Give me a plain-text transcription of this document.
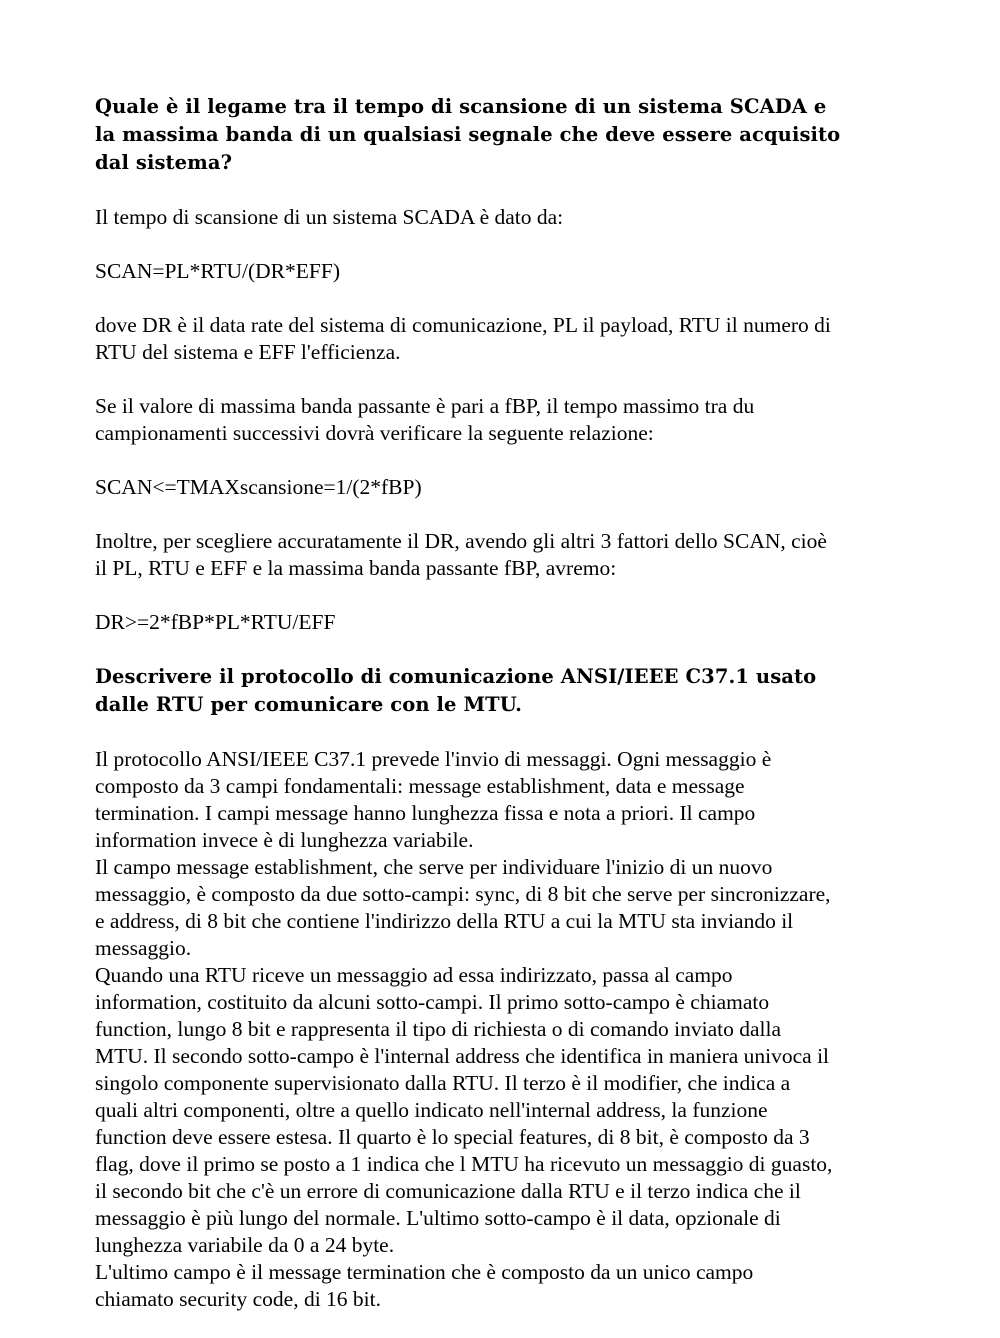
Quale è il legame tra il tempo di scansione di un sistema SCADA e
la massima banda di un qualsiasi segnale che deve essere acquisito
dal sistema?

Il tempo di scansione di un sistema SCADA è dato da:

SCAN=PL*RTU/(DR*EFF)

dove DR è il data rate del sistema di comunicazione, PL il payload, RTU il numero di
RTU del sistema e EFF l'efficienza.

Se il valore di massima banda passante è pari a fBP, il tempo massimo tra du
campionamenti successivi dovrà verificare la seguente relazione:

SCAN<=TMAXscansione=1/(2*fBP)

Inoltre, per scegliere accuratamente il DR, avendo gli altri 3 fattori dello SCAN, cioè
il PL, RTU e EFF e la massima banda passante fBP, avremo:

DR>=2*fBP*PL*RTU/EFF

Descrivere il protocollo di comunicazione ANSI/IEEE C37.1 usato
dalle RTU per comunicare con le MTU.
Il protocollo ANSI/IEEE C37.1 prevede l'invio di messaggi. Ogni messaggio è
composto da 3 campi fondamentali: message establishment, data e message
termination. I campi message hanno lunghezza fissa e nota a priori. Il campo
information invece è di lunghezza variabile.
Il campo message establishment, che serve per individuare l'inizio di un nuovo
messaggio, è composto da due sotto-campi: sync, di 8 bit che serve per sincronizzare,
e address, di 8 bit che contiene l'indirizzo della RTU a cui la MTU sta inviando il
messaggio.
Quando una RTU riceve un messaggio ad essa indirizzato, passa al campo
information, costituito da alcuni sotto-campi. Il primo sotto-campo è chiamato
function, lungo 8 bit e rappresenta il tipo di richiesta o di comando inviato dalla
MTU. Il secondo sotto-campo è l'internal address che identifica in maniera univoca il
singolo componente supervisionato dalla RTU. Il terzo è il modifier, che indica a
quali altri componenti, oltre a quello indicato nell'internal address, la funzione
function deve essere estesa. Il quarto è lo special features, di 8 bit, è composto da 3
flag, dove il primo se posto a 1 indica che l MTU ha ricevuto un messaggio di guasto,
il secondo bit che c'è un errore di comunicazione dalla RTU e il terzo indica che il
messaggio è più lungo del normale. L'ultimo sotto-campo è il data, opzionale di
lunghezza variabile da 0 a 24 byte.
L'ultimo campo è il message termination che è composto da un unico campo
chiamato security code, di 16 bit.
